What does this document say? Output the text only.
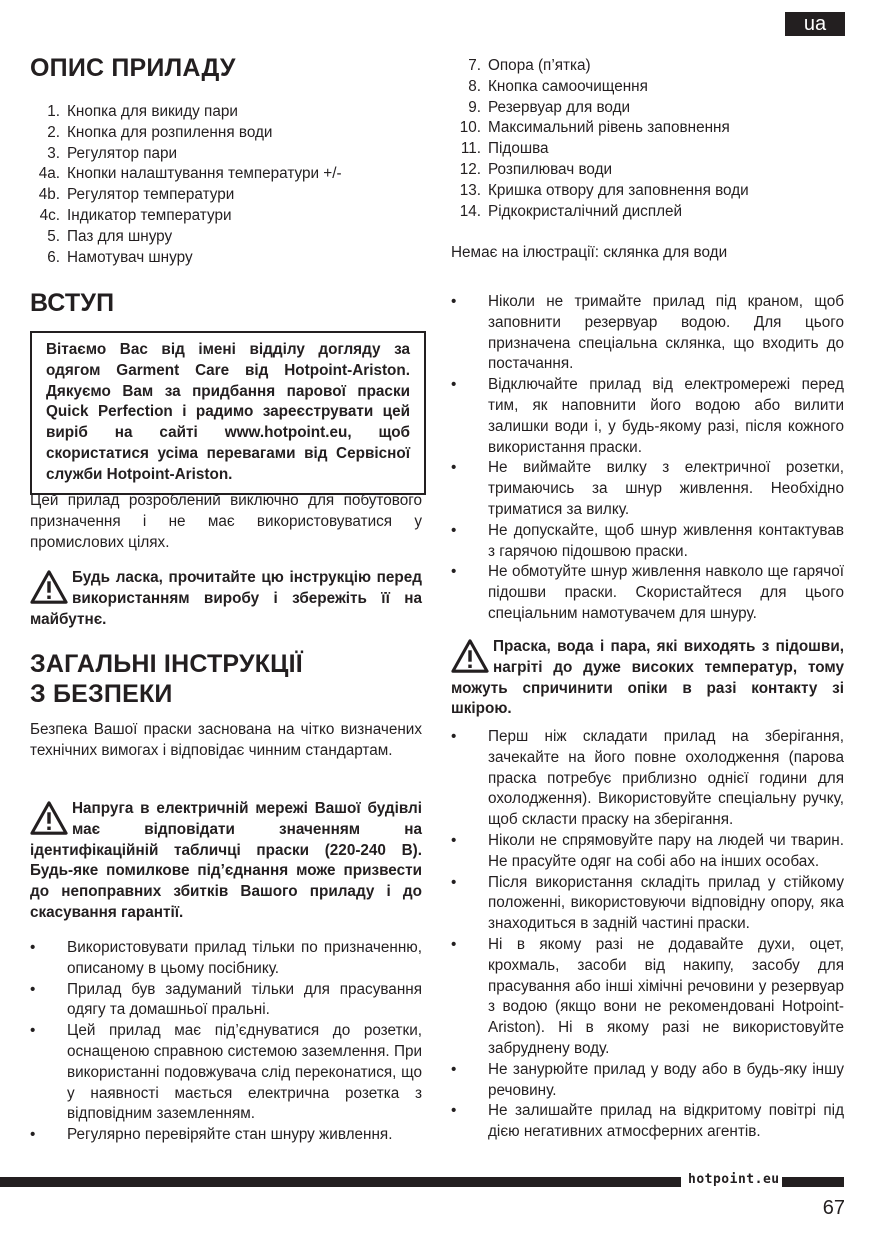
ua
ОПИС ПРИЛАДУ
1. Кнопка для викиду пари
2. Кнопка для розпилення води
3. Регулятор пари
4a. Кнопки налаштування температури +/-
4b. Регулятор температури
4c. Індикатор температури
5. Паз для шнуру
6. Намотувач шнуру
ВСТУП
Вітаємо Вас від імені відділу догляду за одягом Garment Care від Hotpoint-Ariston. Дякуємо Вам за придбання парової праски Quick Perfection і радимо зареєструвати цей виріб на сайті www.hotpoint.eu, щоб скористатися усіма перевагами від Сервісної служби Hotpoint-Ariston.

Цей прилад розроблений виключно для побутового призначення і не має використовуватися у промислових цілях.

Будь ласка, прочитайте цю інструкцію перед використанням виробу і збережіть її на майбутнє.
ЗАГАЛЬНІ ІНСТРУКЦІЇ
З БЕЗПЕКИ

Безпека Вашої праски заснована на чітко визначених технічних вимогах і відповідає чинним стандартам.

Напруга в електричній мережі Вашої будівлі має відповідати значенням на ідентифікаційній табличці праски (220-240 В). Будь-яке помилкове під’єднання може призвести до непоправних збитків Вашого приладу і до скасування гарантії.
• Використовувати прилад тільки по призначенню, описаному в цьому посібнику.
• Прилад був задуманий тільки для прасування одягу та домашньої пральні.
• Цей прилад має під’єднуватися до розетки, оснащеною справною системою заземлення. При використанні подовжувача слід переконатися, що у наявності мається електрична розетка з відповідним заземленням.
• Регулярно перевіряйте стан шнуру живлення.
7. Опора (п’ятка)
8. Кнопка самоочищення
9. Резервуар для води
10. Максимальний рівень заповнення
11. Підошва
12. Розпилювач води
13. Кришка отвору для заповнення води
14. Рідкокристалічний дисплей

Немає на ілюстрації: склянка для води

• Ніколи не тримайте прилад під краном, щоб заповнити резервуар водою. Для цього призначена спеціальна склянка, що входить до постачання.
• Відключайте прилад від електромережі перед тим, як наповнити його водою або вилити залишки води і, у будь-якому разі, після кожного використання праски.
• Не виймайте вилку з електричної розетки, тримаючись за шнур живлення. Необхідно триматися за вилку.
• Не допускайте, щоб шнур живлення контактував з гарячою підошвою праски.
• Не обмотуйте шнур живлення навколо ще гарячої підошви праски. Скористайтеся для цього спеціальним намотувачем для шнуру.
Праска, вода і пара, які виходять з підошви, нагріті до дуже високих температур, тому можуть спричинити опіки в разі контакту зі шкірою.
• Перш ніж складати прилад на зберігання, зачекайте на його повне охолодження (парова праска потребує приблизно однієї години для охолодження). Використовуйте спеціальну ручку, щоб скласти праску на зберігання.
• Ніколи не спрямовуйте пару на людей чи тварин. Не прасуйте одяг на собі або на інших особах.
• Після використання складіть прилад у стійкому положенні, використовуючи відповідну опору, яка знаходиться в задній частині праски.
• Ні в якому разі не додавайте духи, оцет, крохмаль, засоби від накипу, засобу для прасування або інші хімічні речовини у резервуар з водою (якщо вони не рекомендовані Hotpoint- Ariston). Ні в якому разі не використовуйте забруднену воду.
• Не занурюйте прилад у воду або в будь-яку іншу речовину.
• Не залишайте прилад на відкритому повітрі під дією негативних атмосферних агентів.
hotpoint.eu
67
